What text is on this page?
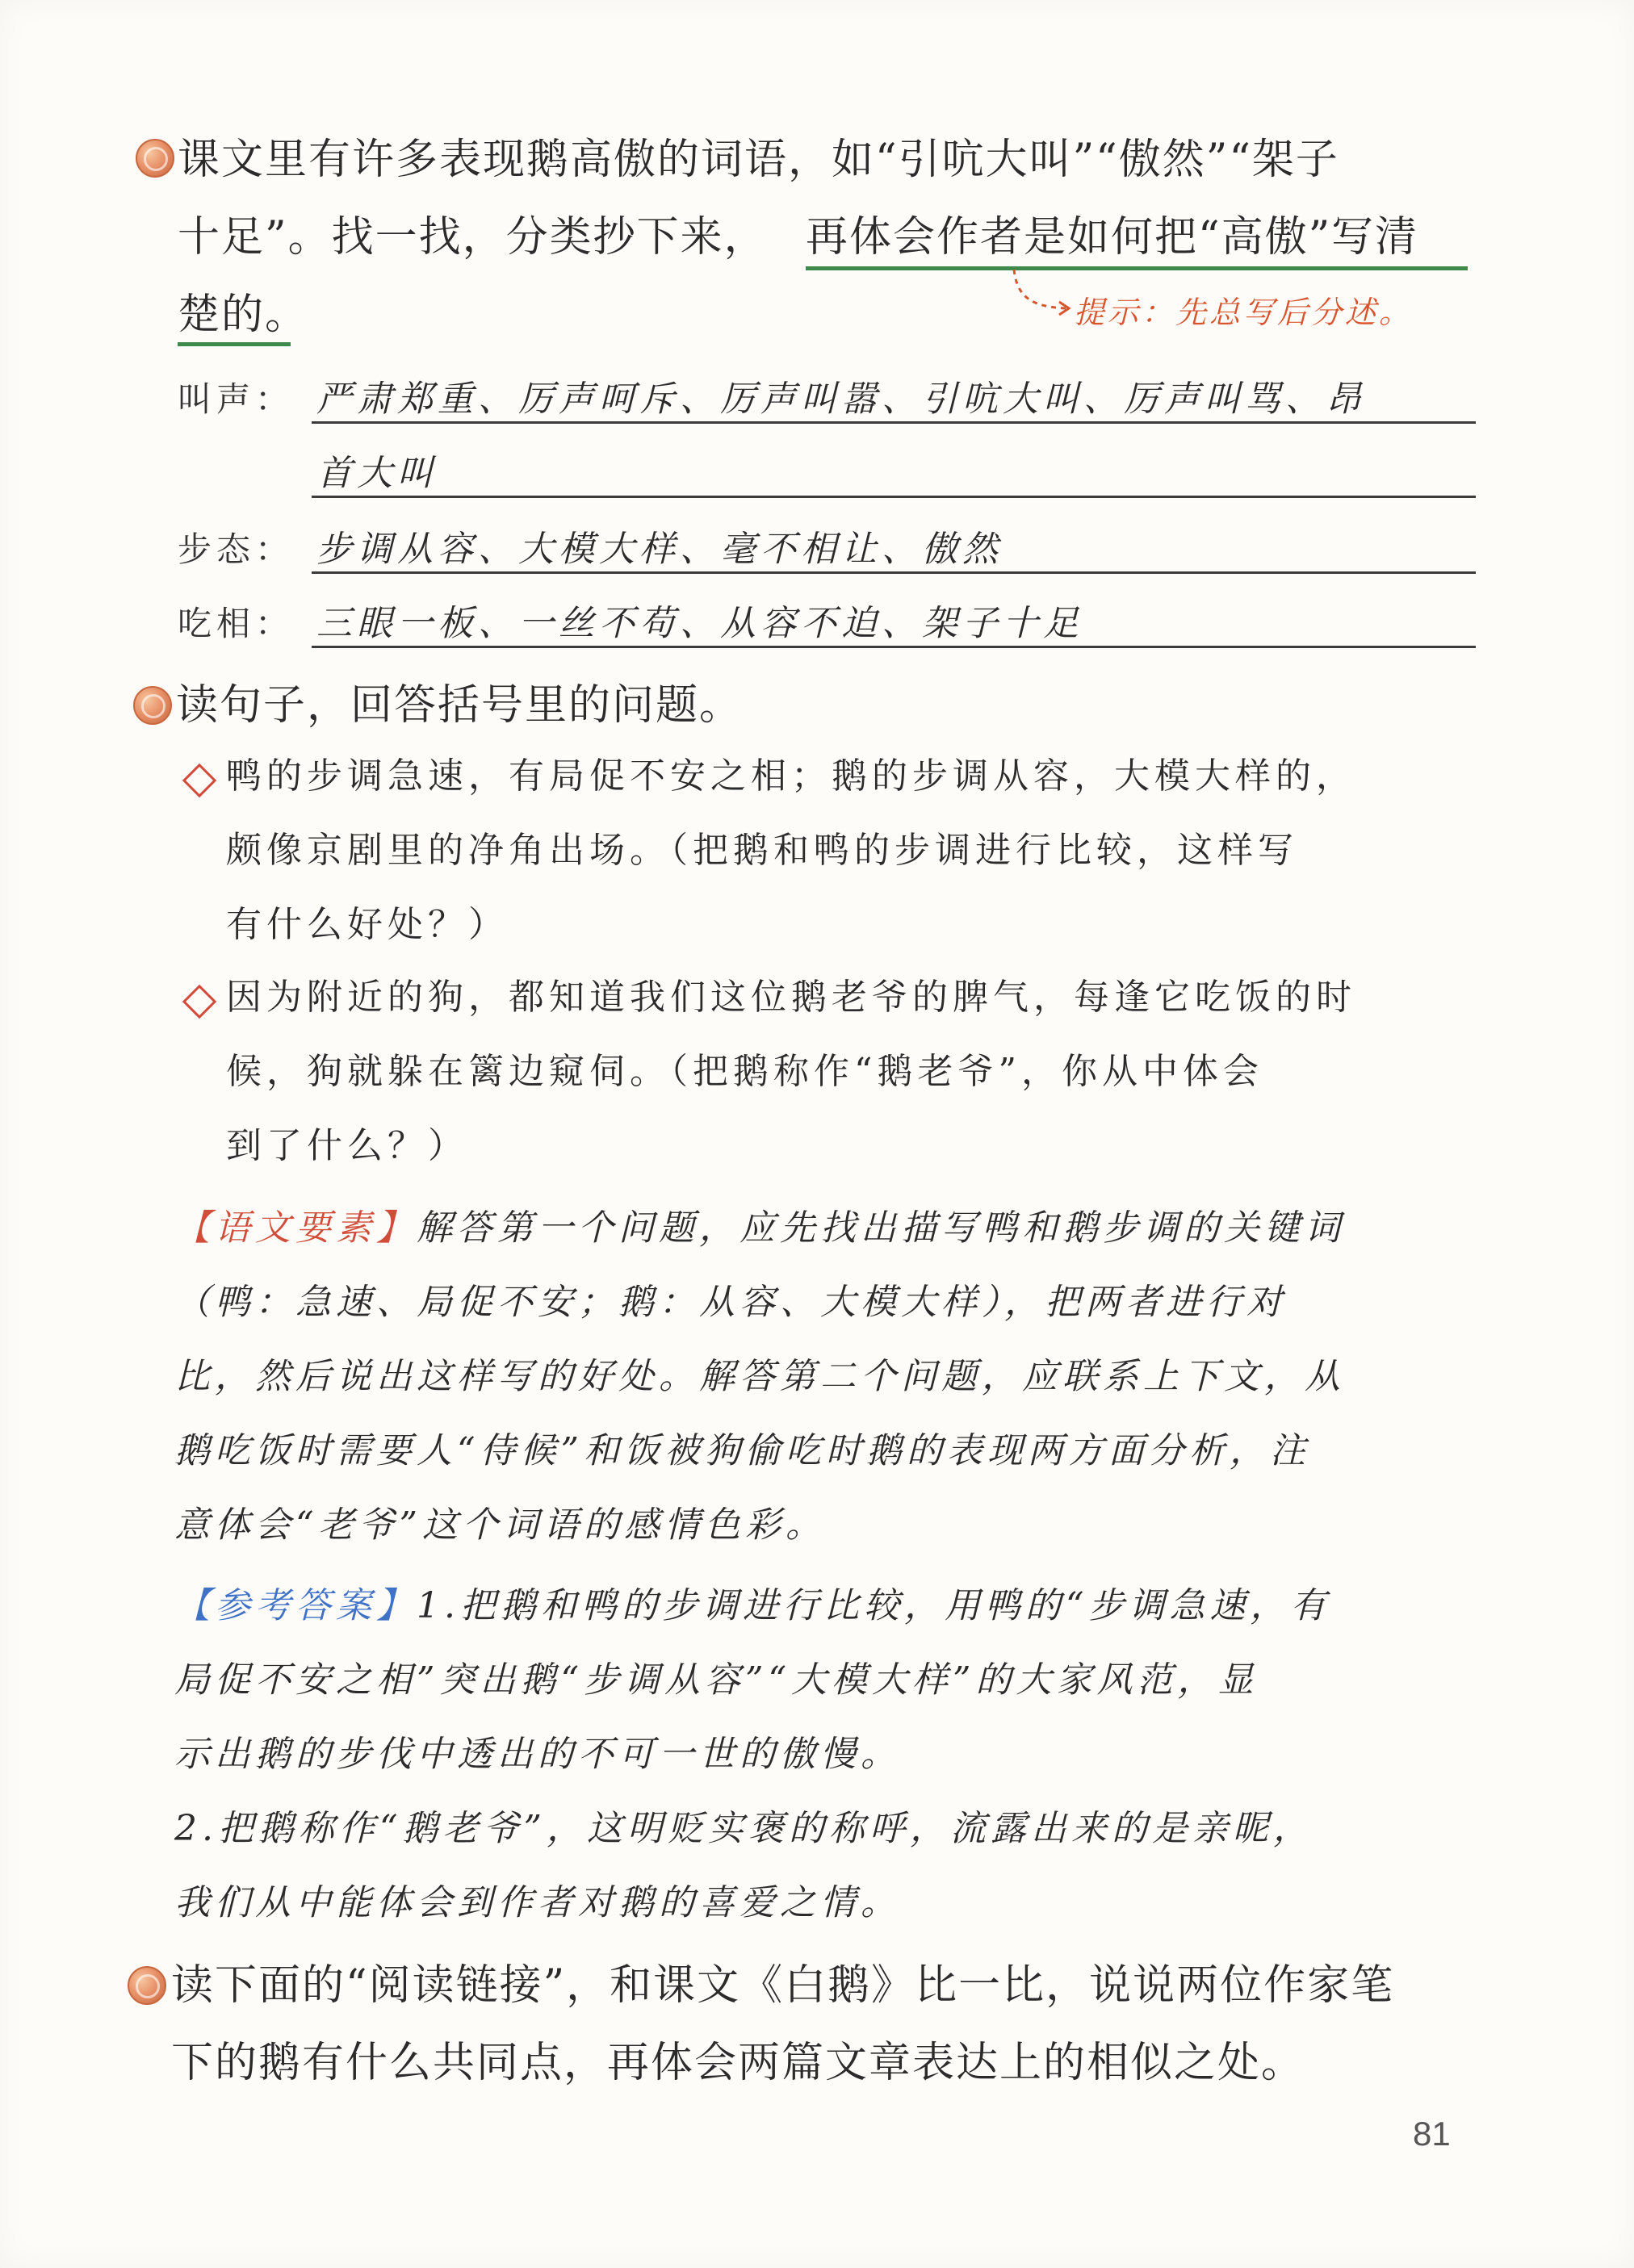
课文里有许多表现鹅高傲的词语，如“引吭大叫”“傲然”“架子
十足”。找一找，分类抄下来， 再体会作者是如何把“高傲”写清
楚的。	提示：先总写后分述。
叫声： 严肃郑重、厉声呵斥、厉声叫嚣、引吭大叫、厉声叫骂、昂
首大叫
步态： 步调从容、大模大样、毫不相让、傲然
吃相： 三眼一板、一丝不苟、从容不迫、架子十足
读句子，回答括号里的问题。
鸭的步调急速，有局促不安之相；鹅的步调从容，大模大样的，
颇像京剧里的净角出场。（把鹅和鸭的步调进行比较，这样写
有什么好处？）
因为附近的狗，都知道我们这位鹅老爷的脾气，每逢它吃饭的时
候，狗就躲在篱边窥伺。（把鹅称作“鹅老爷”，你从中体会
到了什么？）
【语文要素】解答第一个问题，应先找出描写鸭和鹅步调的关键词
（鸭：急速、局促不安；鹅：从容、大模大样），把两者进行对
比，然后说出这样写的好处。解答第二个问题，应联系上下文，从
鹅吃饭时需要人“侍候”和饭被狗偷吃时鹅的表现两方面分析，注
意体会“老爷”这个词语的感情色彩。
【参考答案】1.把鹅和鸭的步调进行比较，用鸭的“步调急速，有
局促不安之相”突出鹅“步调从容”“大模大样”的大家风范，显
示出鹅的步伐中透出的不可一世的傲慢。
2.把鹅称作“鹅老爷”，这明贬实褒的称呼，流露出来的是亲昵，
我们从中能体会到作者对鹅的喜爱之情。
读下面的“阅读链接”，和课文《白鹅》比一比，说说两位作家笔
下的鹅有什么共同点，再体会两篇文章表达上的相似之处。
81
